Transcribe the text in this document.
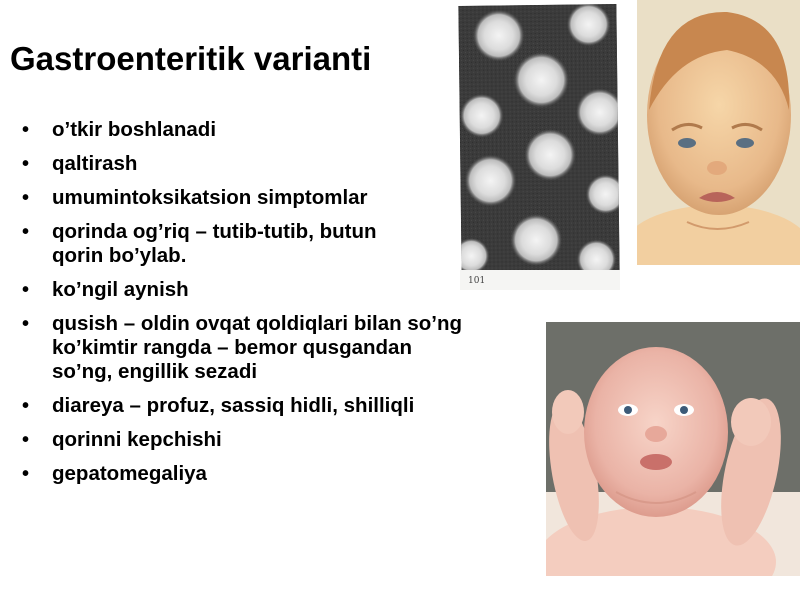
Gastroenteritik varianti
• o’tkir boshlanadi
• qaltirash
• umumintoksikatsion simptomlar
• qorinda og’riq – tutib-tutib, butun qorin bo’ylab.
• ko’ngil aynish
• qusish – oldin ovqat qoldiqlari bilan so’ng ko’kimtir rangda – bemor qusgandan so’ng, engillik sezadi
• diareya – profuz, sassiq hidli, shilliqli
• qorinni kepchishi
• gepatomegaliya
101
